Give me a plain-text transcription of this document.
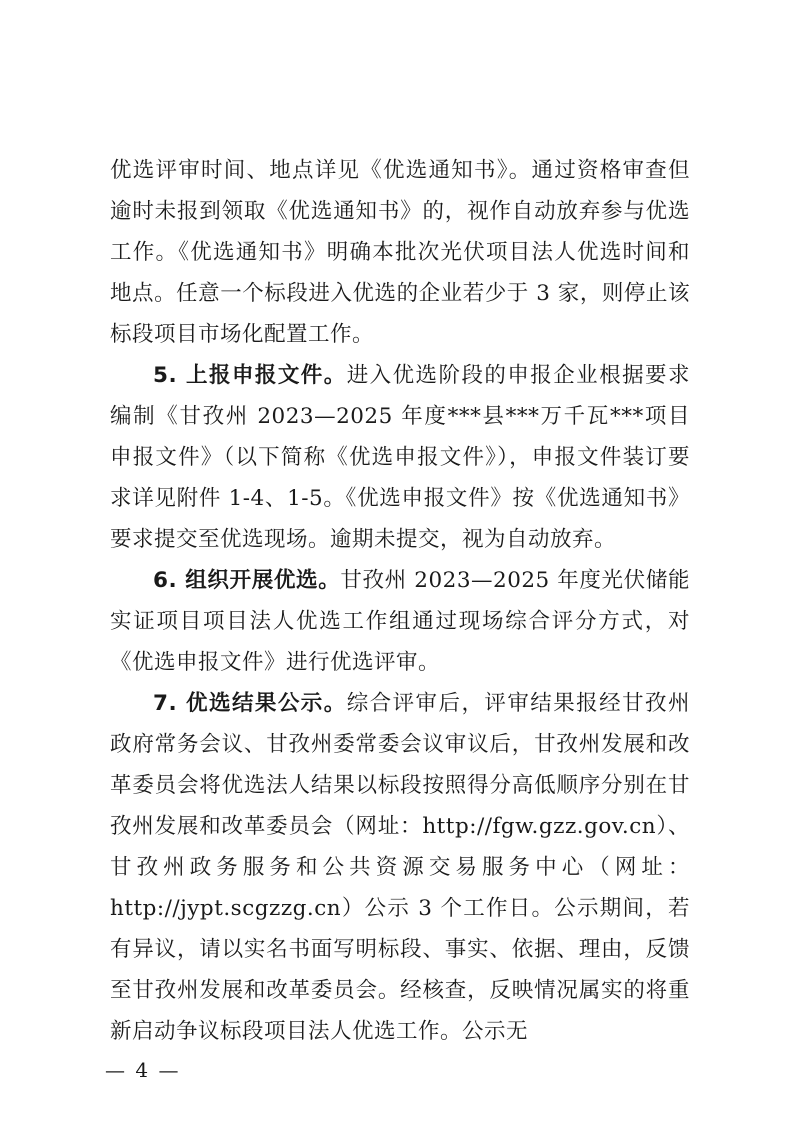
优选评审时间、地点详见《优选通知书》。通过资格审查但逾时未报到领取《优选通知书》的，视作自动放弃参与优选工作。《优选通知书》明确本批次光伏项目法人优选时间和地点。任意一个标段进入优选的企业若少于 3 家，则停止该标段项目市场化配置工作。

5. 上报申报文件。进入优选阶段的申报企业根据要求编制《甘孜州 2023—2025 年度***县***万千瓦***项目申报文件》（以下简称《优选申报文件》），申报文件装订要求详见附件 1-4、1-5。《优选申报文件》按《优选通知书》要求提交至优选现场。逾期未提交，视为自动放弃。

6. 组织开展优选。甘孜州 2023—2025 年度光伏储能实证项目项目法人优选工作组通过现场综合评分方式，对《优选申报文件》进行优选评审。

7. 优选结果公示。综合评审后，评审结果报经甘孜州政府常务会议、甘孜州委常委会议审议后，甘孜州发展和改革委员会将优选法人结果以标段按照得分高低顺序分别在甘孜州发展和改革委员会（网址：http://fgw.gzz.gov.cn）、甘孜州政务服务和公共资源交易服务中心（网址：http://jypt.scgzzg.cn）公示 3 个工作日。公示期间，若有异议，请以实名书面写明标段、事实、依据、理由，反馈至甘孜州发展和改革委员会。经核查，反映情况属实的将重新启动争议标段项目法人优选工作。公示无

— 4 —
